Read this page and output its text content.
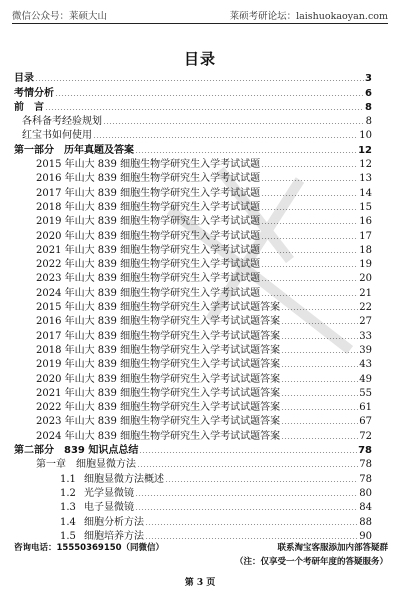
微信公众号：莱硕大山	莱硕考研论坛：laishuokaoyan.com
目录
目录	3
考情分析	6
前　言	8
各科备考经验规划	8
红宝书如何使用	10
第一部分　历年真题及答案	12
2015 年山大 839 细胞生物学研究生入学考试试题	12
2016 年山大 839 细胞生物学研究生入学考试试题	13
2017 年山大 839 细胞生物学研究生入学考试试题	14
2018 年山大 839 细胞生物学研究生入学考试试题	15
2019 年山大 839 细胞生物学研究生入学考试试题	16
2020 年山大 839 细胞生物学研究生入学考试试题	17
2021 年山大 839 细胞生物学研究生入学考试试题	18
2022 年山大 839 细胞生物学研究生入学考试试题	19
2023 年山大 839 细胞生物学研究生入学考试试题	20
2024 年山大 839 细胞生物学研究生入学考试试题	21
2015 年山大 839 细胞生物学研究生入学考试试题答案	22
2016 年山大 839 细胞生物学研究生入学考试试题答案	27
2017 年山大 839 细胞生物学研究生入学考试试题答案	33
2018 年山大 839 细胞生物学研究生入学考试试题答案	39
2019 年山大 839 细胞生物学研究生入学考试试题答案	43
2020 年山大 839 细胞生物学研究生入学考试试题答案	49
2021 年山大 839 细胞生物学研究生入学考试试题答案	55
2022 年山大 839 细胞生物学研究生入学考试试题答案	61
2023 年山大 839 细胞生物学研究生入学考试试题答案	67
2024 年山大 839 细胞生物学研究生入学考试试题答案	72
第二部分　839 知识点总结	78
第一章　细胞显微方法	78
1.1 细胞显微方法概述	78
1.2 光学显微镜	80
1.3 电子显微镜	84
1.4 细胞分析方法	88
1.5 细胞培养方法	90
咨询电话：15550369150（同微信）	联系淘宝客服添加内部答疑群
（注：仅享受一个考研年度的答疑服务）
第 3 页
